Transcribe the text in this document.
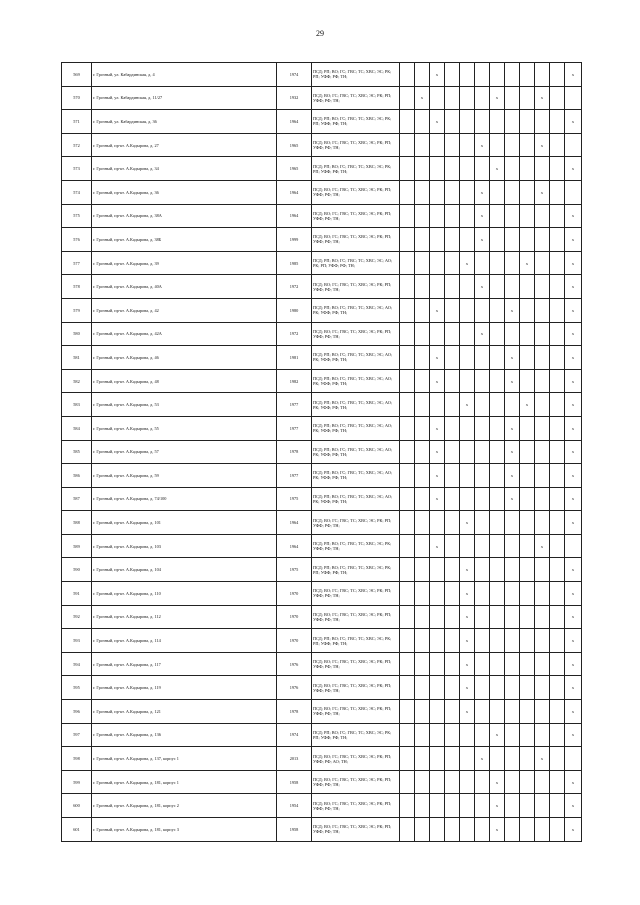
29
569	г. Грозный, ул. Кабардинская, д. 4	1974	ПСД; РП; ВО; ГС; ГВС; ТС; ХВС; ЭС; РК; РП; УФФ; РФ; ТН;			x									x
570	г. Грозный, ул. Кабардинская, д. 11/27	1932	ПСД; ВО; ГС; ГВС; ТС; ХВС; ЭС; РК; РП; УФФ; РФ; ТН;		x					x			x		
571	г. Грозный, ул. Кабардинская, д. 36	1964	ПСД; РП; ВО; ГС; ГВС; ТС; ХВС; ЭС; РК; РП; УФФ; РФ; ТН;			x									x
572	г. Грозный, пр-кт. А.Кадырова, д. 27	1965	ПСД; ВО; ГС; ГВС; ТС; ХВС; ЭС; РК; РП; УФФ; РФ; ТН;						x				x		
573	г. Грозный, пр-кт. А.Кадырова, д. 34	1965	ПСД; РП; ВО; ГС; ГВС; ТС; ХВС; ЭС; РК; РП; УФФ; РФ; ТН;							x					x
574	г. Грозный, пр-кт. А.Кадырова, д. 36	1964	ПСД; ВО; ГС; ГВС; ТС; ХВС; ЭС; РК; РП; УФФ; РФ; ТН;						x				x		
575	г. Грозный, пр-кт. А.Кадырова, д. 38А	1964	ПСД; ВО; ГС; ГВС; ТС; ХВС; ЭС; РК; РП; УФФ; РФ; ТН;						x						x
576	г. Грозный, пр-кт. А.Кадырова, д. 38Б	1999	ПСД; ВО; ГС; ГВС; ТС; ХВС; ЭС; РК; РП; УФФ; РФ; ТН;						x						x
577	г. Грозный, пр-кт. А.Кадырова, д. 39	1985	ПСД; РП; ВО; ГС; ГВС; ТС; ХВС; ЭС; АО; РК; РП; УФФ; РФ; ТН;					x				x			x
578	г. Грозный, пр-кт. А.Кадырова, д. 40А	1972	ПСД; ВО; ГС; ГВС; ТС; ХВС; ЭС; РК; РП; УФФ; РФ; ТН;						x						x
579	г. Грозный, пр-кт. А.Кадырова, д. 42	1980	ПСД; РП; ВО; ГС; ГВС; ТС; ХВС; ЭС; АО; РК; УФФ; РФ; ТН;			x					x				x
580	г. Грозный, пр-кт. А.Кадырова, д. 42А	1972	ПСД; ВО; ГС; ГВС; ТС; ХВС; ЭС; РК; РП; УФФ; РФ; ТН;						x						x
581	г. Грозный, пр-кт. А.Кадырова, д. 46	1981	ПСД; РП; ВО; ГС; ГВС; ТС; ХВС; ЭС; АО; РК; УФФ; РФ; ТН;			x					x				x
582	г. Грозный, пр-кт. А.Кадырова, д. 48	1982	ПСД; РП; ВО; ГС; ГВС; ТС; ХВС; ЭС; АО; РК; УФФ; РФ; ТН;			x					x				x
583	г. Грозный, пр-кт. А.Кадырова, д. 53	1977	ПСД; РП; ВО; ГС; ГВС; ТС; ХВС; ЭС; АО; РК; УФФ; РФ; ТН;					x				x			x
584	г. Грозный, пр-кт. А.Кадырова, д. 55	1977	ПСД; РП; ВО; ГС; ГВС; ТС; ХВС; ЭС; АО; РК; УФФ; РФ; ТН;			x					x				x
585	г. Грозный, пр-кт. А.Кадырова, д. 57	1978	ПСД; РП; ВО; ГС; ГВС; ТС; ХВС; ЭС; АО; РК; УФФ; РФ; ТН;			x					x				x
586	г. Грозный, пр-кт. А.Кадырова, д. 59	1977	ПСД; РП; ВО; ГС; ГВС; ТС; ХВС; ЭС; АО; РК; УФФ; РФ; ТН;			x					x				x
587	г. Грозный, пр-кт. А.Кадырова, д. 74/100	1975	ПСД; РП; ВО; ГС; ГВС; ТС; ХВС; ЭС; АО; РК; УФФ; РФ; ТН;			x					x				x
588	г. Грозный, пр-кт. А.Кадырова, д. 101	1964	ПСД; ВО; ГС; ГВС; ТС; ХВС; ЭС; РК; РП; УФФ; РФ; ТН;					x							x
589	г. Грозный, пр-кт. А.Кадырова, д. 103	1964	ПСД; РП; ВО; ГС; ГВС; ТС; ХВС; ЭС; РК; УФФ; РФ; ТН;			x							x		
590	г. Грозный, пр-кт. А.Кадырова, д. 104	1975	ПСД; РП; ВО; ГС; ГВС; ТС; ХВС; ЭС; РК; РП; УФФ; РФ; ТН;					x							x
591	г. Грозный, пр-кт. А.Кадырова, д. 110	1970	ПСД; ВО; ГС; ГВС; ТС; ХВС; ЭС; РК; РП; УФФ; РФ; ТН;					x							x
592	г. Грозный, пр-кт. А.Кадырова, д. 112	1970	ПСД; ВО; ГС; ГВС; ТС; ХВС; ЭС; РК; РП; УФФ; РФ; ТН;					x							x
593	г. Грозный, пр-кт. А.Кадырова, д. 114	1970	ПСД; РП; ВО; ГС; ГВС; ТС; ХВС; ЭС; РК; РП; УФФ; РФ; ТН;					x							x
594	г. Грозный, пр-кт. А.Кадырова, д. 117	1976	ПСД; ВО; ГС; ГВС; ТС; ХВС; ЭС; РК; РП; УФФ; РФ; ТН;					x							x
595	г. Грозный, пр-кт. А.Кадырова, д. 119	1976	ПСД; ВО; ГС; ГВС; ТС; ХВС; ЭС; РК; РП; УФФ; РФ; ТН;					x							x
596	г. Грозный, пр-кт. А.Кадырова, д. 121	1978	ПСД; ВО; ГС; ГВС; ТС; ХВС; ЭС; РК; РП; УФФ; РФ; ТН;					x							x
597	г. Грозный, пр-кт. А.Кадырова, д. 136	1974	ПСД; РП; ВО; ГС; ГВС; ТС; ХВС; ЭС; РК; РП; УФФ; РФ; ТН;							x					x
598	г. Грозный, пр-кт. А.Кадырова, д. 137, корпус 1	2013	ПСД; ВО; ГС; ГВС; ТС; ХВС; ЭС; РК; РП; УФФ; РФ; АО; ТН;						x				x		
599	г. Грозный, пр-кт. А.Кадырова, д. 181, корпус 1	1958	ПСД; ВО; ГС; ГВС; ТС; ХВС; ЭС; РК; РП; УФФ; РФ; ТН;							x					x
600	г. Грозный, пр-кт. А.Кадырова, д. 181, корпус 2	1954	ПСД; ВО; ГС; ГВС; ТС; ХВС; ЭС; РК; РП; УФФ; РФ; ТН;							x					x
601	г. Грозный, пр-кт. А.Кадырова, д. 181, корпус 3	1958	ПСД; ВО; ГС; ГВС; ТС; ХВС; ЭС; РК; РП; УФФ; РФ; ТН;							x					x
